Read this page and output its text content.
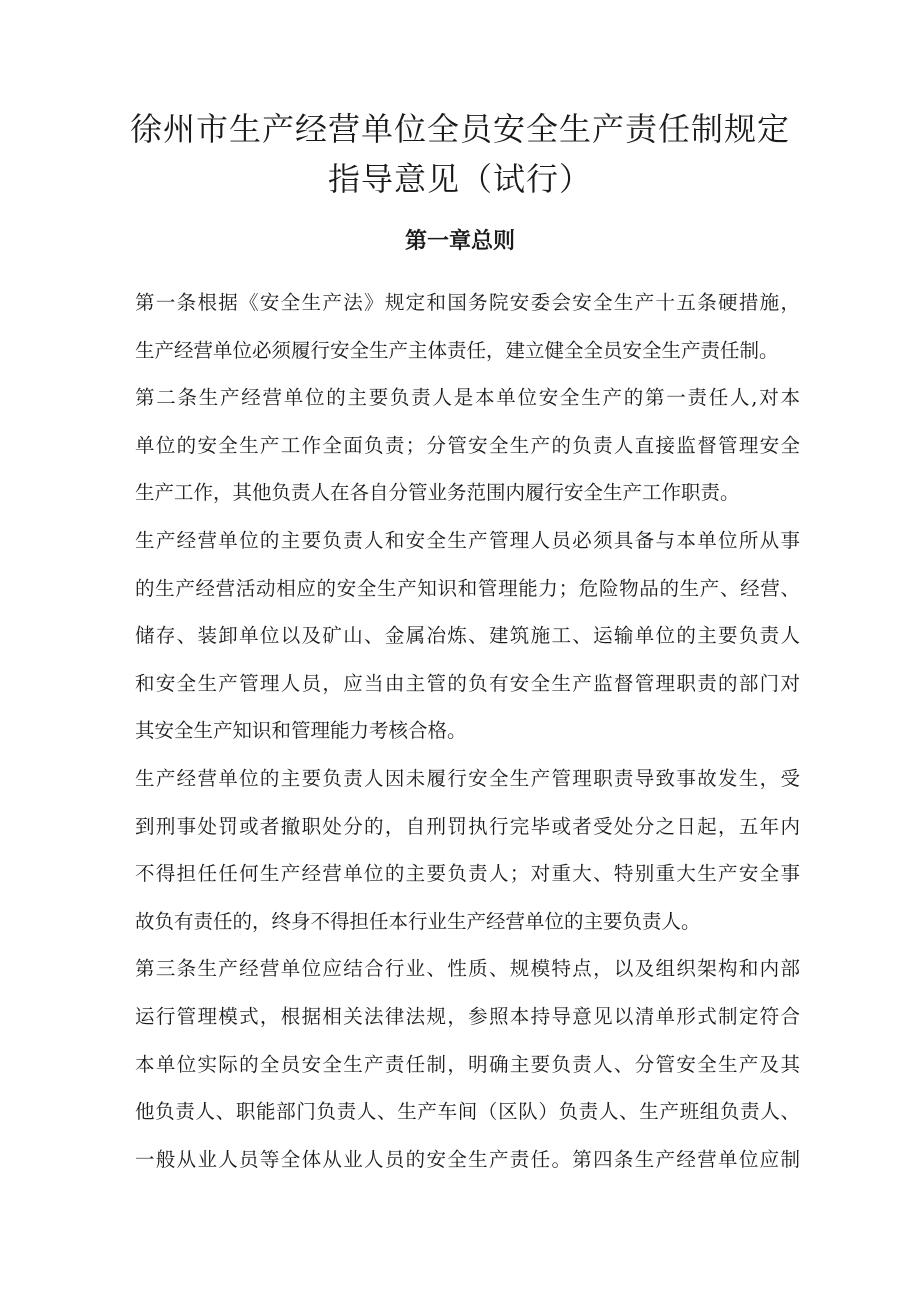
徐州市生产经营单位全员安全生产责任制规定
指导意见（试行）
第一章总则
第一条根据《安全生产法》规定和国务院安委会安全生产十五条硬措施，
生产经营单位必须履行安全生产主体责任，建立健全全员安全生产责任制。
第二条生产经营单位的主要负责人是本单位安全生产的第一责任人,对本
单位的安全生产工作全面负责；分管安全生产的负责人直接监督管理安全
生产工作，其他负责人在各自分管业务范围内履行安全生产工作职责。
生产经营单位的主要负责人和安全生产管理人员必须具备与本单位所从事
的生产经营活动相应的安全生产知识和管理能力；危险物品的生产、经营、
储存、装卸单位以及矿山、金属冶炼、建筑施工、运输单位的主要负责人
和安全生产管理人员，应当由主管的负有安全生产监督管理职责的部门对
其安全生产知识和管理能力考核合格。
生产经营单位的主要负责人因未履行安全生产管理职责导致事故发生，受
到刑事处罚或者撤职处分的，自刑罚执行完毕或者受处分之日起，五年内
不得担任任何生产经营单位的主要负责人；对重大、特别重大生产安全事
故负有责任的，终身不得担任本行业生产经营单位的主要负责人。
第三条生产经营单位应结合行业、性质、规模特点，以及组织架构和内部
运行管理模式，根据相关法律法规，参照本持导意见以清单形式制定符合
本单位实际的全员安全生产责任制，明确主要负责人、分管安全生产及其
他负责人、职能部门负责人、生产车间（区队）负责人、生产班组负责人、
一般从业人员等全体从业人员的安全生产责任。第四条生产经营单位应制
